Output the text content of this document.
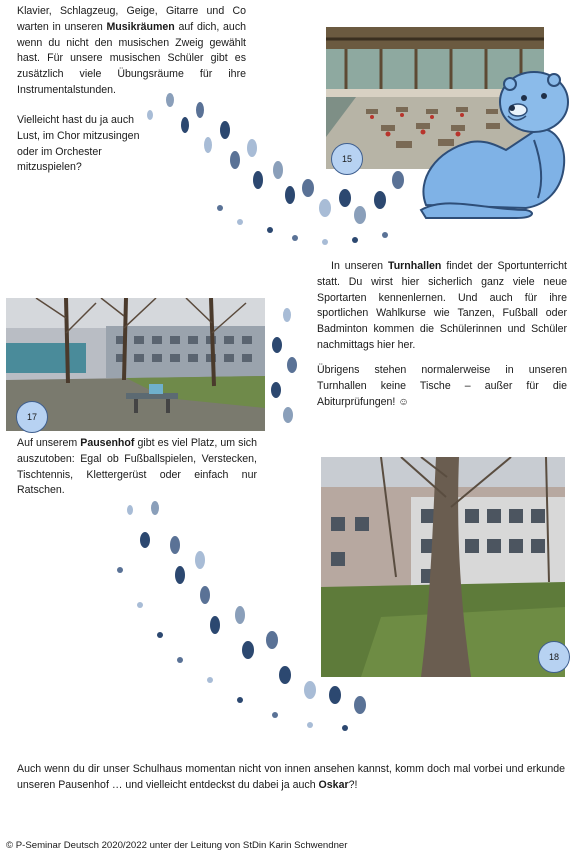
Klavier, Schlagzeug, Geige, Gitarre und Co warten in unseren Musikräumen auf dich, auch wenn du nicht den musischen Zweig gewählt hast. Für unsere musischen Schüler gibt es zusätzlich viele Übungsräume für ihre Instrumentalstunden.
Vielleicht hast du ja auch Lust, im Chor mitzusingen oder im Orchester mitzuspielen?
15
In unseren Turnhallen findet der Sportunterricht statt. Du wirst hier sicherlich ganz viele neue Sportarten kennenlernen. Und auch für ihre sportlichen Wahlkurse wie Tanzen, Fußball oder Badminton kommen die Schülerinnen und Schüler nachmittags hier her.
Übrigens stehen normalerweise in unseren Turnhallen keine Tische – außer für die Abiturprüfungen! ☺
17
Auf unserem Pausenhof gibt es viel Platz, um sich auszutoben: Egal ob Fußballspielen, Verstecken, Tischtennis, Klettergerüst oder einfach nur Ratschen.
18
Auch wenn du dir unser Schulhaus momentan nicht von innen ansehen kannst, komm doch mal vorbei und erkunde unseren Pausenhof … und vielleicht entdeckst du dabei ja auch Oskar?!
© P-Seminar Deutsch 2020/2022 unter der Leitung von StDin Karin Schwendner
